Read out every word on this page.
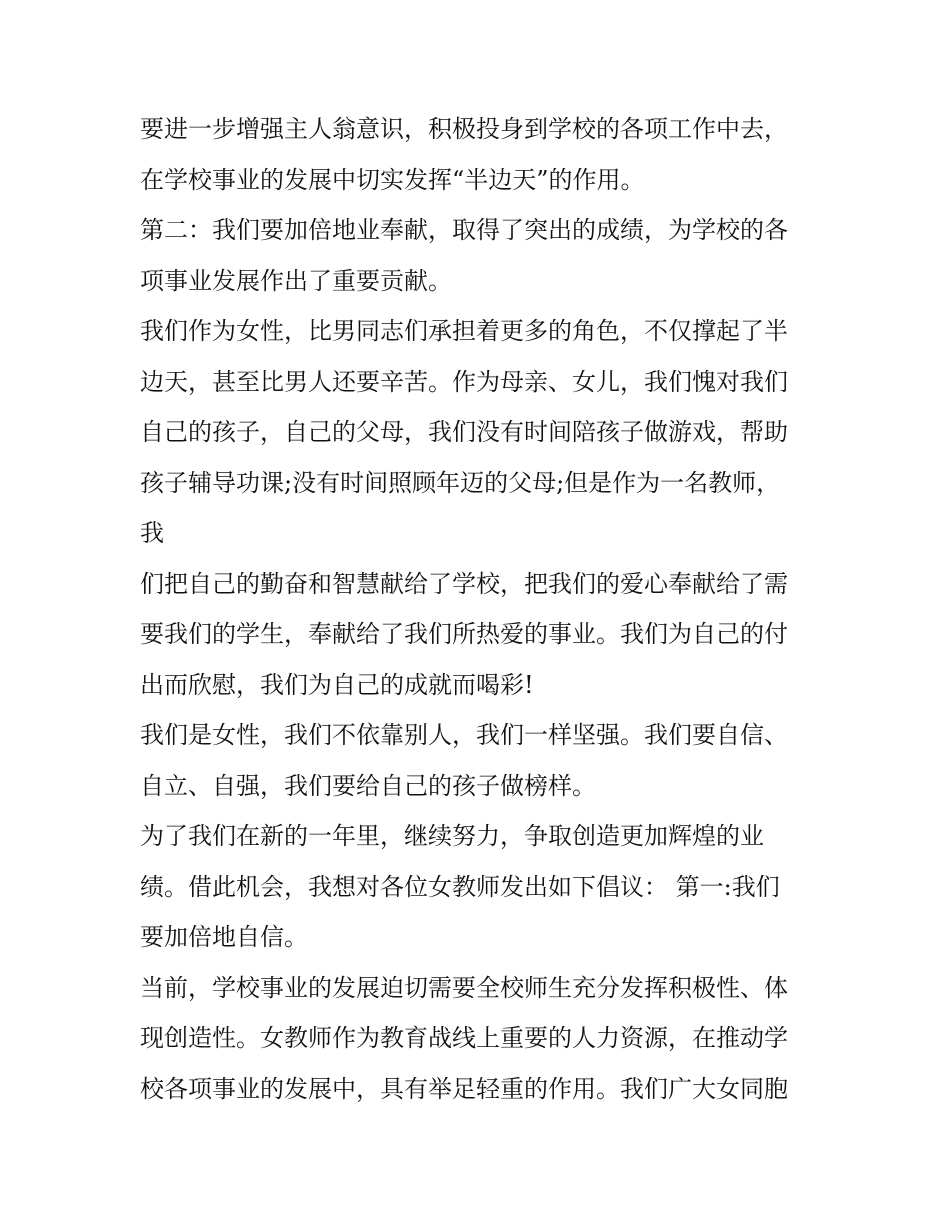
要进一步增强主人翁意识，积极投身到学校的各项工作中去，
在学校事业的发展中切实发挥“半边天”的作用。
第二：我们要加倍地业奉献，取得了突出的成绩，为学校的各
项事业发展作出了重要贡献。
我们作为女性，比男同志们承担着更多的角色，不仅撑起了半
边天，甚至比男人还要辛苦。作为母亲、女儿，我们愧对我们
自己的孩子，自己的父母，我们没有时间陪孩子做游戏，帮助
孩子辅导功课;没有时间照顾年迈的父母;但是作为一名教师，
我
们把自己的勤奋和智慧献给了学校，把我们的爱心奉献给了需
要我们的学生，奉献给了我们所热爱的事业。我们为自己的付
出而欣慰，我们为自己的成就而喝彩!
我们是女性，我们不依靠别人，我们一样坚强。我们要自信、
自立、自强，我们要给自己的孩子做榜样。
为了我们在新的一年里，继续努力，争取创造更加辉煌的业
绩。借此机会，我想对各位女教师发出如下倡议： 第一:我们
要加倍地自信。
当前，学校事业的发展迫切需要全校师生充分发挥积极性、体
现创造性。女教师作为教育战线上重要的人力资源，在推动学
校各项事业的发展中，具有举足轻重的作用。我们广大女同胞
